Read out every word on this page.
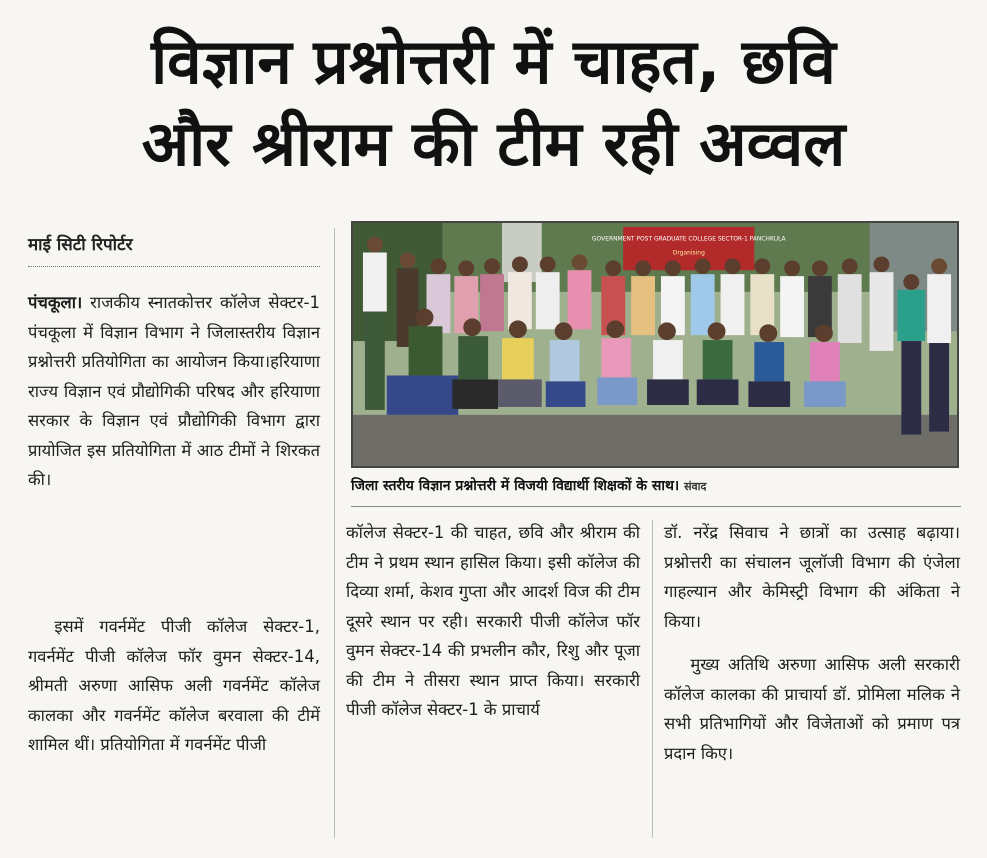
विज्ञान प्रश्नोत्तरी में चाहत, छवि
और श्रीराम की टीम रही अव्वल
माई सिटी रिपोर्टर

पंचकूला। राजकीय स्नातकोत्तर कॉलेज सेक्टर-1 पंचकूला में विज्ञान विभाग ने जिलास्तरीय विज्ञान प्रश्नोत्तरी प्रतियोगिता का आयोजन किया।हरियाणा राज्य विज्ञान एवं प्रौद्योगिकी परिषद और हरियाणा सरकार के विज्ञान एवं प्रौद्योगिकी विभाग द्वारा प्रायोजित इस प्रतियोगिता में आठ टीमों ने शिरकत की।

इसमें गवर्नमेंट पीजी कॉलेज सेक्टर-1, गवर्नमेंट पीजी कॉलेज फॉर वुमन सेक्टर-14, श्रीमती अरुणा आसिफ अली गवर्नमेंट कॉलेज कालका और गवर्नमेंट कॉलेज बरवाला की टीमें शामिल थीं। प्रतियोगिता में गवर्नमेंट पीजी

कॉलेज सेक्टर-1 की चाहत, छवि और श्रीराम की टीम ने प्रथम स्थान हासिल किया। इसी कॉलेज की दिव्या शर्मा, केशव गुप्ता और आदर्श विज की टीम दूसरे स्थान पर रही। सरकारी पीजी कॉलेज फॉर वुमन सेक्टर-14 की प्रभलीन कौर, रिशु और पूजा की टीम ने तीसरा स्थान प्राप्त किया। सरकारी पीजी कॉलेज सेक्टर-1 के प्राचार्य

डॉ. नरेंद्र सिवाच ने छात्रों का उत्साह बढ़ाया। प्रश्नोत्तरी का संचालन जूलॉजी विभाग की एंजेला गाहल्यान और केमिस्ट्री विभाग की अंकिता ने किया।

मुख्य अतिथि अरुणा आसिफ अली सरकारी कॉलेज कालका की प्राचार्या डॉ. प्रोमिला मलिक ने सभी प्रतिभागियों और विजेताओं को प्रमाण पत्र प्रदान किए।

GOVERNMENT POST GRADUATE COLLEGE SECTOR-1 PANCHKULA
Organising
जिला स्तरीय विज्ञान प्रश्नोत्तरी में विजयी विद्यार्थी शिक्षकों के साथ। संवाद
